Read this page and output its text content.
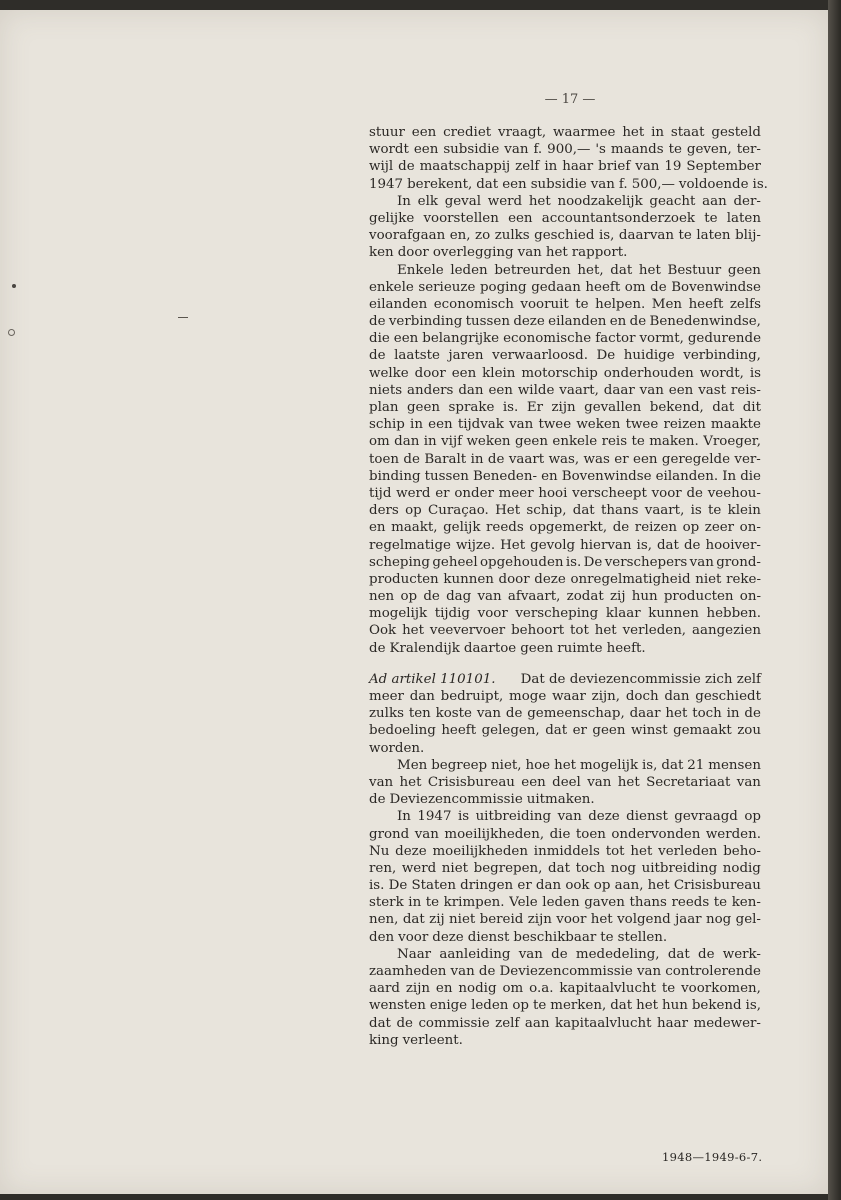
— 17 —
stuur een crediet vraagt, waarmee het in staat gesteld
wordt een subsidie van f. 900,— 's maands te geven, ter-
wijl de maatschappij zelf in haar brief van 19 September
1947 berekent, dat een subsidie van f. 500,— voldoende is.
In elk geval werd het noodzakelijk geacht aan der-
gelijke voorstellen een accountantsonderzoek te laten
voorafgaan en, zo zulks geschied is, daarvan te laten blij-
ken door overlegging van het rapport.
Enkele leden betreurden het, dat het Bestuur geen
enkele serieuze poging gedaan heeft om de Bovenwindse
eilanden economisch vooruit te helpen. Men heeft zelfs
de verbinding tussen deze eilanden en de Benedenwindse,
die een belangrijke economische factor vormt, gedurende
de laatste jaren verwaarloosd. De huidige verbinding,
welke door een klein motorschip onderhouden wordt, is
niets anders dan een wilde vaart, daar van een vast reis-
plan geen sprake is. Er zijn gevallen bekend, dat dit
schip in een tijdvak van twee weken twee reizen maakte
om dan in vijf weken geen enkele reis te maken. Vroeger,
toen de Baralt in de vaart was, was er een geregelde ver-
binding tussen Beneden- en Bovenwindse eilanden. In die
tijd werd er onder meer hooi verscheept voor de veehou-
ders op Curaçao. Het schip, dat thans vaart, is te klein
en maakt, gelijk reeds opgemerkt, de reizen op zeer on-
regelmatige wijze. Het gevolg hiervan is, dat de hooiver-
scheping geheel opgehouden is. De verschepers van grond-
producten kunnen door deze onregelmatigheid niet reke-
nen op de dag van afvaart, zodat zij hun producten on-
mogelijk tijdig voor verscheping klaar kunnen hebben.
Ook het veevervoer behoort tot het verleden, aangezien
de Kralendijk daartoe geen ruimte heeft.
Ad artikel 110101. Dat de deviezencommissie zich zelf
meer dan bedruipt, moge waar zijn, doch dan geschiedt
zulks ten koste van de gemeenschap, daar het toch in de
bedoeling heeft gelegen, dat er geen winst gemaakt zou
worden.
Men begreep niet, hoe het mogelijk is, dat 21 mensen
van het Crisisbureau een deel van het Secretariaat van
de Deviezencommissie uitmaken.
In 1947 is uitbreiding van deze dienst gevraagd op
grond van moeilijkheden, die toen ondervonden werden.
Nu deze moeilijkheden inmiddels tot het verleden beho-
ren, werd niet begrepen, dat toch nog uitbreiding nodig
is. De Staten dringen er dan ook op aan, het Crisisbureau
sterk in te krimpen. Vele leden gaven thans reeds te ken-
nen, dat zij niet bereid zijn voor het volgend jaar nog gel-
den voor deze dienst beschikbaar te stellen.
Naar aanleiding van de mededeling, dat de werk-
zaamheden van de Deviezencommissie van controlerende
aard zijn en nodig om o.a. kapitaalvlucht te voorkomen,
wensten enige leden op te merken, dat het hun bekend is,
dat de commissie zelf aan kapitaalvlucht haar medewer-
king verleent.
1948—1949-6-7.
